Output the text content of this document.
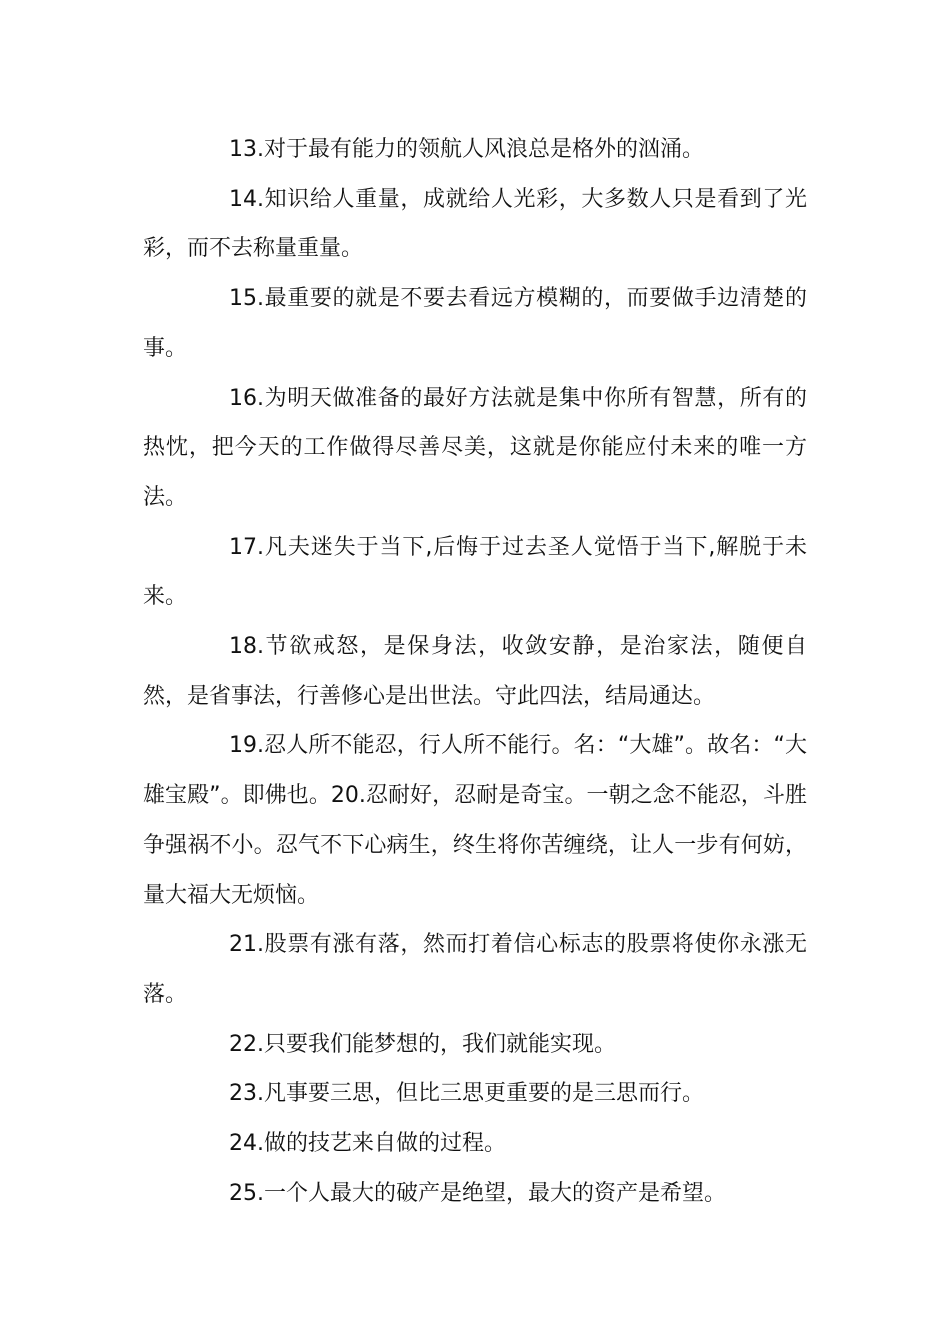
13.对于最有能力的领航人风浪总是格外的汹涌。

14.知识给人重量，成就给人光彩，大多数人只是看到了光彩，而不去称量重量。

15.最重要的就是不要去看远方模糊的，而要做手边清楚的事。

16.为明天做准备的最好方法就是集中你所有智慧，所有的热忱，把今天的工作做得尽善尽美，这就是你能应付未来的唯一方法。

17.凡夫迷失于当下,后悔于过去圣人觉悟于当下,解脱于未来。

18.节欲戒怒，是保身法，收敛安静，是治家法，随便自然，是省事法，行善修心是出世法。守此四法，结局通达。

19.忍人所不能忍，行人所不能行。名：“大雄”。故名：“大雄宝殿”。即佛也。20.忍耐好，忍耐是奇宝。一朝之念不能忍，斗胜争强祸不小。忍气不下心病生，终生将你苦缠绕，让人一步有何妨，量大福大无烦恼。

21.股票有涨有落，然而打着信心标志的股票将使你永涨无落。

22.只要我们能梦想的，我们就能实现。

23.凡事要三思，但比三思更重要的是三思而行。

24.做的技艺来自做的过程。

25.一个人最大的破产是绝望，最大的资产是希望。
